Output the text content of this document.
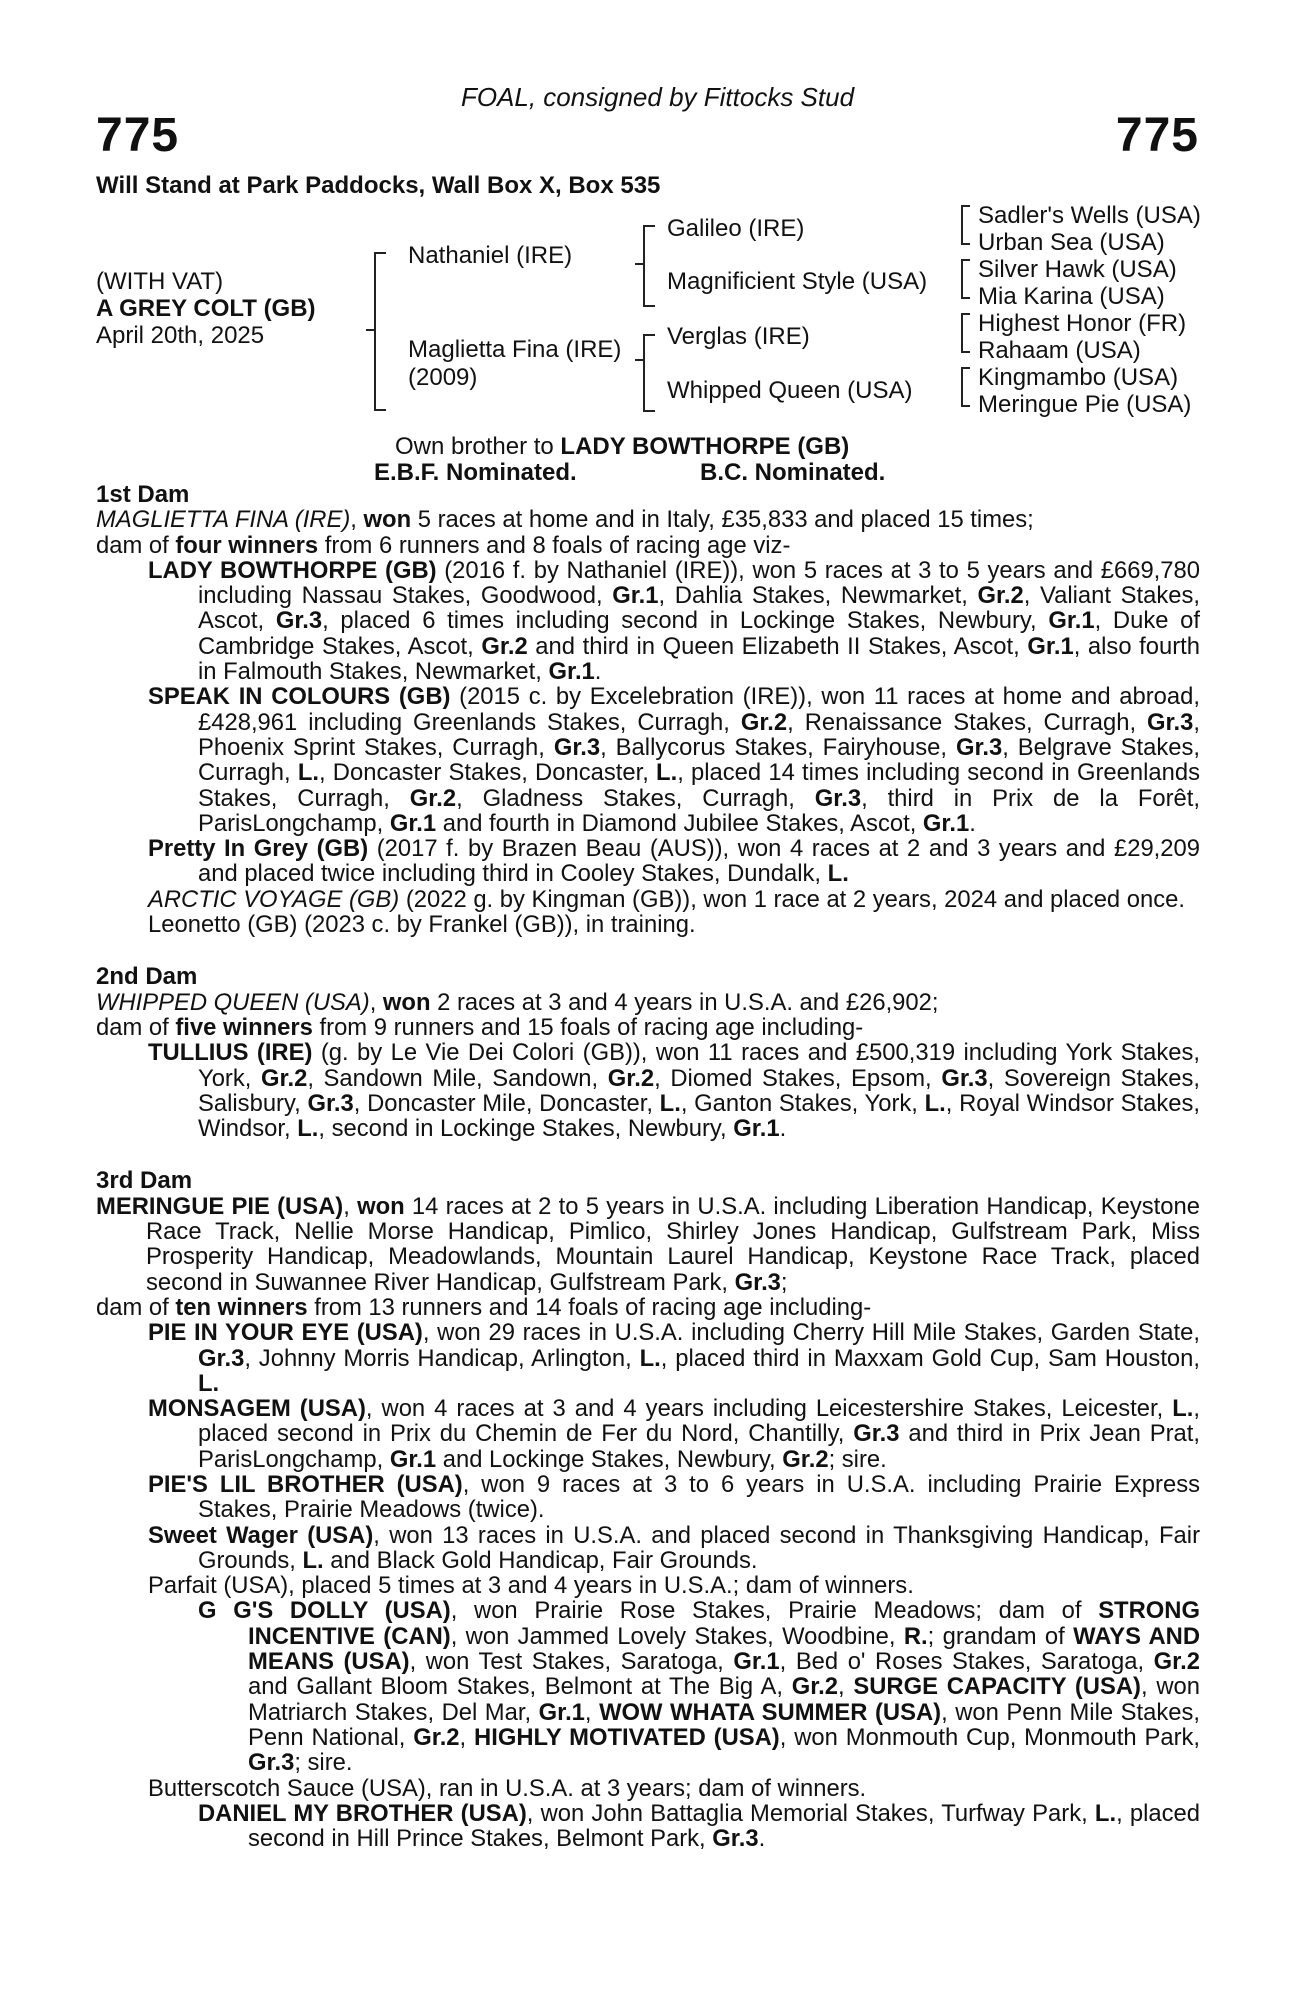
FOAL, consigned by Fittocks Stud
775	775
Will Stand at Park Paddocks, Wall Box X, Box 535
(WITH VAT)
A GREY COLT (GB)
April 20th, 2025
Nathaniel (IRE)
Maglietta Fina (IRE)
(2009)
Galileo (IRE)
Magnificient Style (USA)
Verglas (IRE)
Whipped Queen (USA)
Sadler's Wells (USA)
Urban Sea (USA)
Silver Hawk (USA)
Mia Karina (USA)
Highest Honor (FR)
Rahaam (USA)
Kingmambo (USA)
Meringue Pie (USA)
Own brother to LADY BOWTHORPE (GB)
E.B.F. Nominated.	B.C. Nominated.
1st Dam

MAGLIETTA FINA (IRE), won 5 races at home and in Italy, £35,833 and placed 15 times;

dam of four winners from 6 runners and 8 foals of racing age viz-

LADY BOWTHORPE (GB) (2016 f. by Nathaniel (IRE)), won 5 races at 3 to 5 years and £669,780 including Nassau Stakes, Goodwood, Gr.1, Dahlia Stakes, Newmarket, Gr.2, Valiant Stakes, Ascot, Gr.3, placed 6 times including second in Lockinge Stakes, Newbury, Gr.1, Duke of Cambridge Stakes, Ascot, Gr.2 and third in Queen Elizabeth II Stakes, Ascot, Gr.1, also fourth in Falmouth Stakes, Newmarket, Gr.1.

SPEAK IN COLOURS (GB) (2015 c. by Excelebration (IRE)), won 11 races at home and abroad, £428,961 including Greenlands Stakes, Curragh, Gr.2, Renaissance Stakes, Curragh, Gr.3, Phoenix Sprint Stakes, Curragh, Gr.3, Ballycorus Stakes, Fairyhouse, Gr.3, Belgrave Stakes, Curragh, L., Doncaster Stakes, Doncaster, L., placed 14 times including second in Greenlands Stakes, Curragh, Gr.2, Gladness Stakes, Curragh, Gr.3, third in Prix de la Forêt, ParisLongchamp, Gr.1 and fourth in Diamond Jubilee Stakes, Ascot, Gr.1.

Pretty In Grey (GB) (2017 f. by Brazen Beau (AUS)), won 4 races at 2 and 3 years and £29,209 and placed twice including third in Cooley Stakes, Dundalk, L.

ARCTIC VOYAGE (GB) (2022 g. by Kingman (GB)), won 1 race at 2 years, 2024 and placed once.

Leonetto (GB) (2023 c. by Frankel (GB)), in training.

2nd Dam

WHIPPED QUEEN (USA), won 2 races at 3 and 4 years in U.S.A. and £26,902;

dam of five winners from 9 runners and 15 foals of racing age including-

TULLIUS (IRE) (g. by Le Vie Dei Colori (GB)), won 11 races and £500,319 including York Stakes, York, Gr.2, Sandown Mile, Sandown, Gr.2, Diomed Stakes, Epsom, Gr.3, Sovereign Stakes, Salisbury, Gr.3, Doncaster Mile, Doncaster, L., Ganton Stakes, York, L., Royal Windsor Stakes, Windsor, L., second in Lockinge Stakes, Newbury, Gr.1.

3rd Dam

MERINGUE PIE (USA), won 14 races at 2 to 5 years in U.S.A. including Liberation Handicap, Keystone Race Track, Nellie Morse Handicap, Pimlico, Shirley Jones Handicap, Gulfstream Park, Miss Prosperity Handicap, Meadowlands, Mountain Laurel Handicap, Keystone Race Track, placed second in Suwannee River Handicap, Gulfstream Park, Gr.3;

dam of ten winners from 13 runners and 14 foals of racing age including-

PIE IN YOUR EYE (USA), won 29 races in U.S.A. including Cherry Hill Mile Stakes, Garden State, Gr.3, Johnny Morris Handicap, Arlington, L., placed third in Maxxam Gold Cup, Sam Houston, L.

MONSAGEM (USA), won 4 races at 3 and 4 years including Leicestershire Stakes, Leicester, L., placed second in Prix du Chemin de Fer du Nord, Chantilly, Gr.3 and third in Prix Jean Prat, ParisLongchamp, Gr.1 and Lockinge Stakes, Newbury, Gr.2; sire.

PIE'S LIL BROTHER (USA), won 9 races at 3 to 6 years in U.S.A. including Prairie Express Stakes, Prairie Meadows (twice).

Sweet Wager (USA), won 13 races in U.S.A. and placed second in Thanksgiving Handicap, Fair Grounds, L. and Black Gold Handicap, Fair Grounds.

Parfait (USA), placed 5 times at 3 and 4 years in U.S.A.; dam of winners.

G G'S DOLLY (USA), won Prairie Rose Stakes, Prairie Meadows; dam of STRONG INCENTIVE (CAN), won Jammed Lovely Stakes, Woodbine, R.; grandam of WAYS AND MEANS (USA), won Test Stakes, Saratoga, Gr.1, Bed o' Roses Stakes, Saratoga, Gr.2 and Gallant Bloom Stakes, Belmont at The Big A, Gr.2, SURGE CAPACITY (USA), won Matriarch Stakes, Del Mar, Gr.1, WOW WHATA SUMMER (USA), won Penn Mile Stakes, Penn National, Gr.2, HIGHLY MOTIVATED (USA), won Monmouth Cup, Monmouth Park, Gr.3; sire.

Butterscotch Sauce (USA), ran in U.S.A. at 3 years; dam of winners.

DANIEL MY BROTHER (USA), won John Battaglia Memorial Stakes, Turfway Park, L., placed second in Hill Prince Stakes, Belmont Park, Gr.3.
